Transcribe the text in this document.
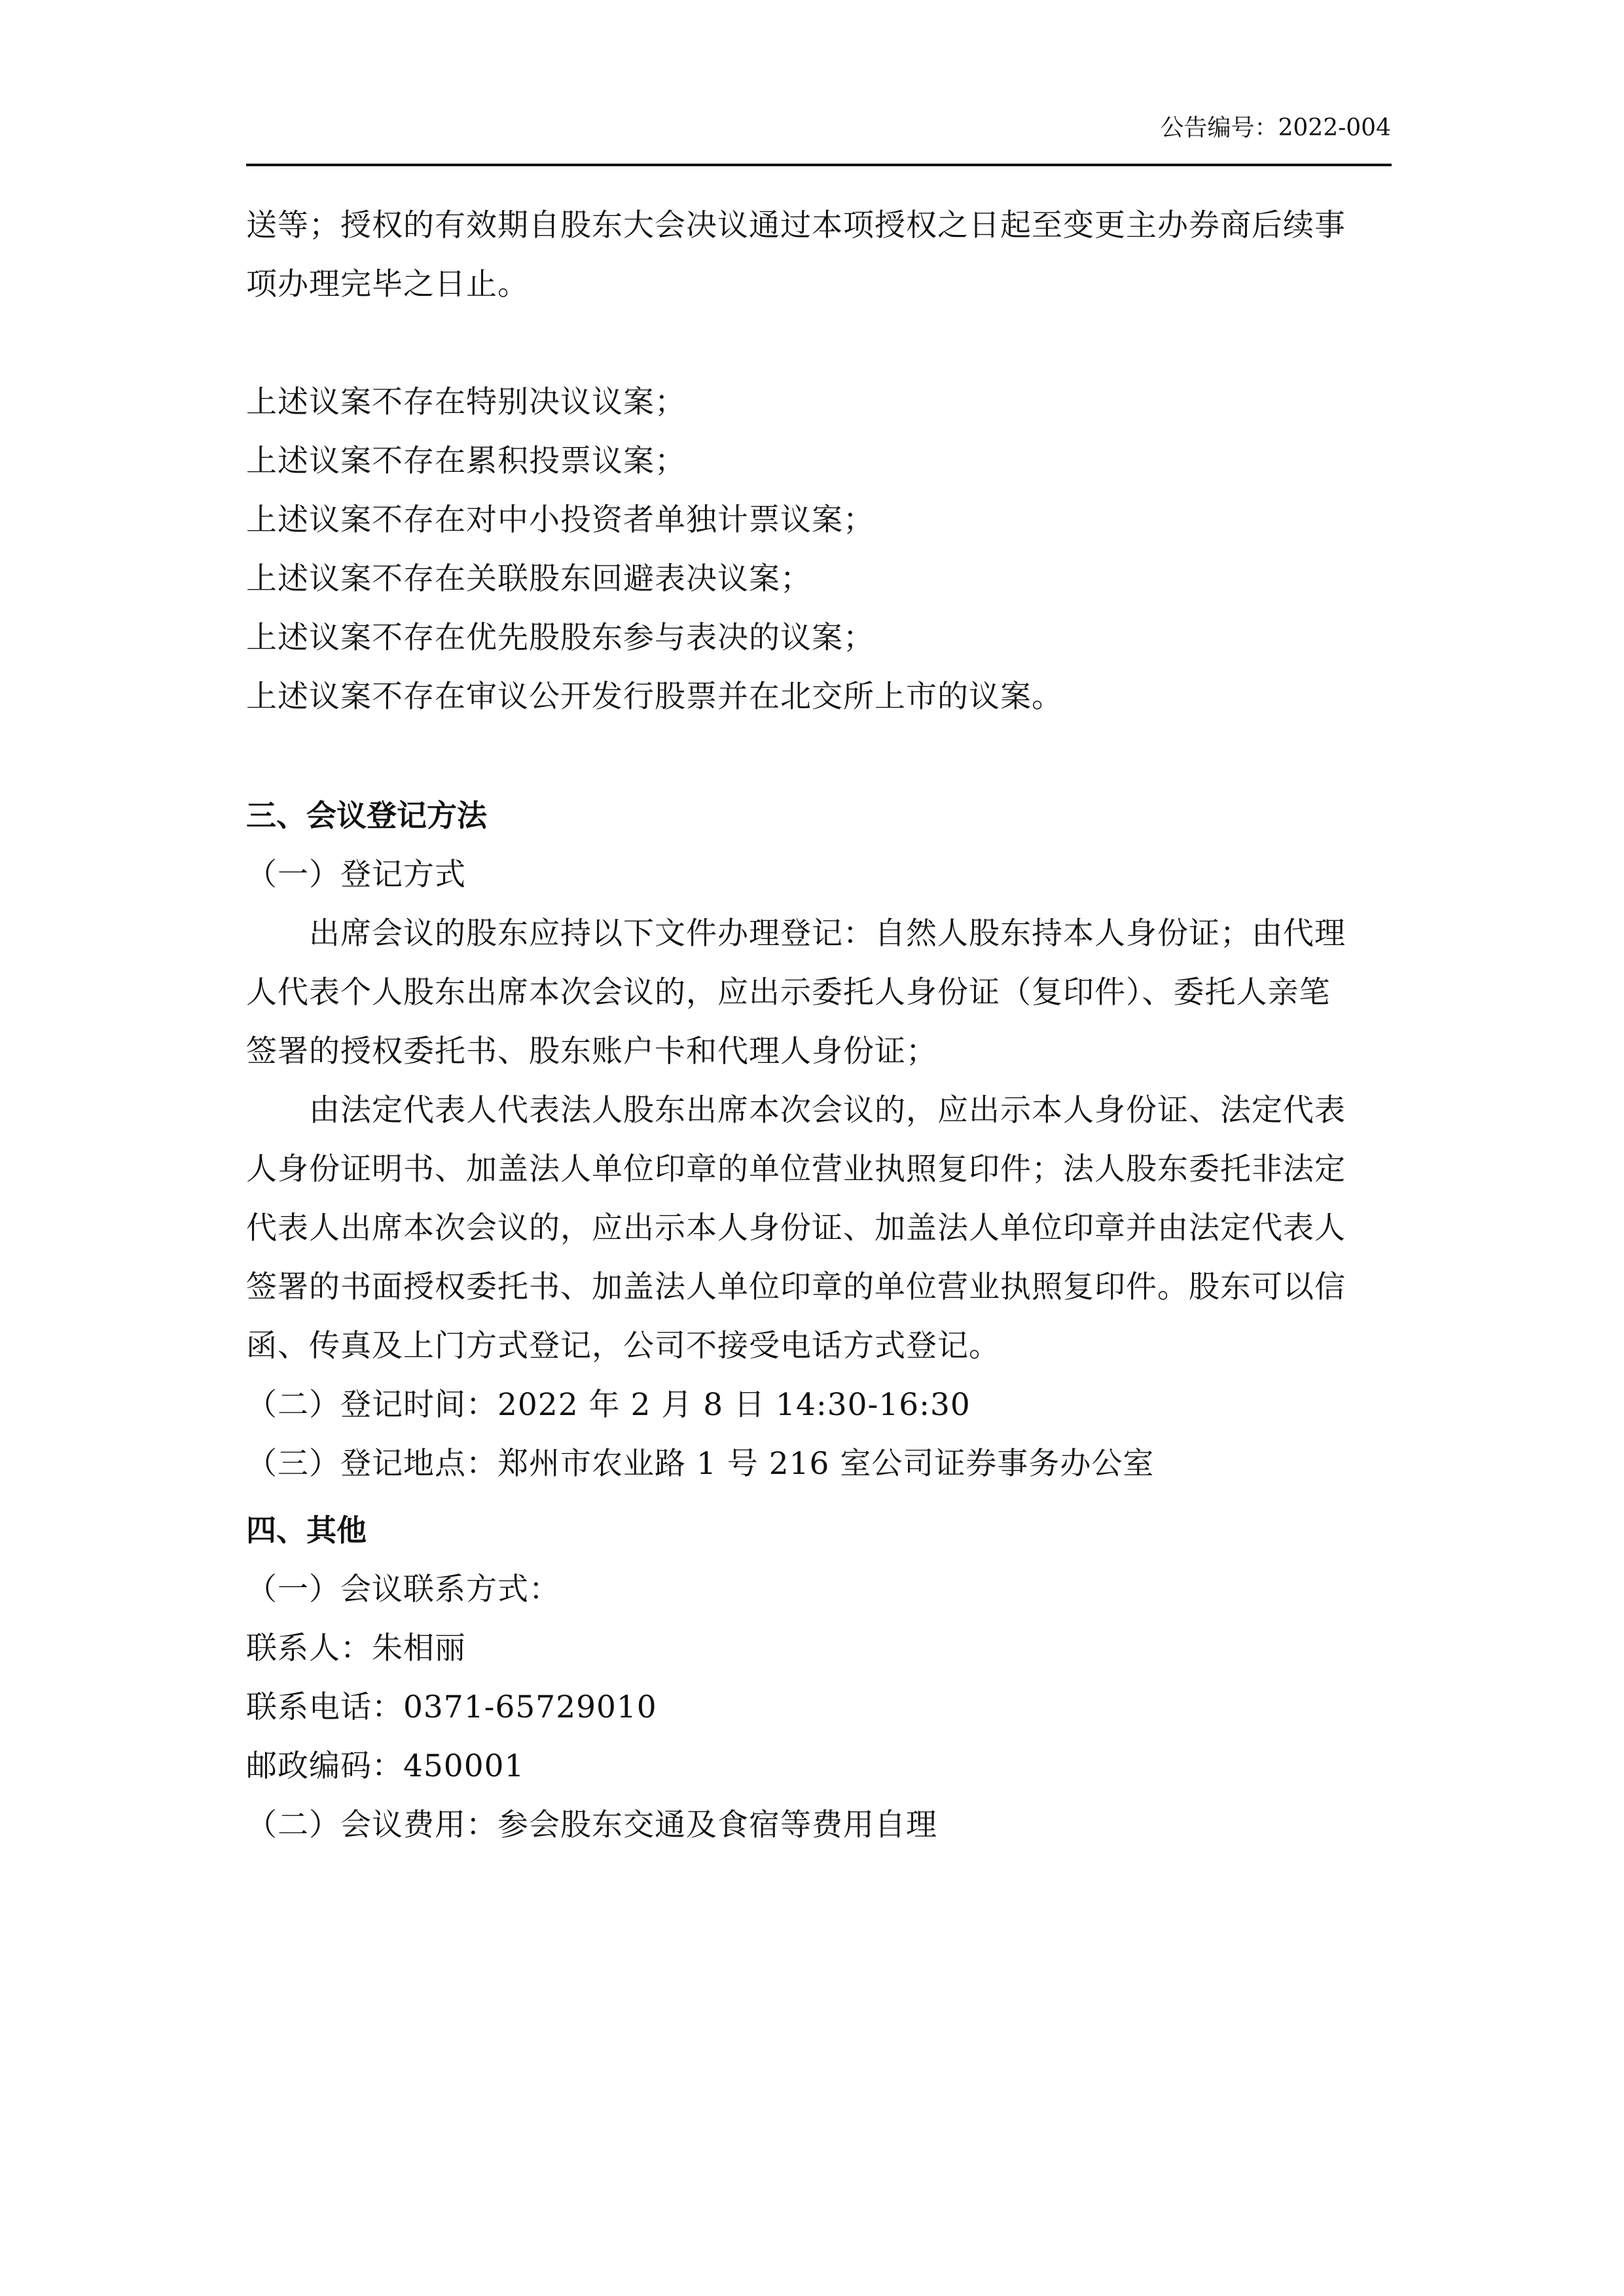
公告编号：2022-004
送等；授权的有效期自股东大会决议通过本项授权之日起至变更主办券商后续事
项办理完毕之日止。
上述议案不存在特别决议议案；
上述议案不存在累积投票议案；
上述议案不存在对中小投资者单独计票议案；
上述议案不存在关联股东回避表决议案；
上述议案不存在优先股股东参与表决的议案；
上述议案不存在审议公开发行股票并在北交所上市的议案。
三、会议登记方法
（一）登记方式
出席会议的股东应持以下文件办理登记：自然人股东持本人身份证；由代理
人代表个人股东出席本次会议的，应出示委托人身份证（复印件）、委托人亲笔
签署的授权委托书、股东账户卡和代理人身份证；
由法定代表人代表法人股东出席本次会议的，应出示本人身份证、法定代表
人身份证明书、加盖法人单位印章的单位营业执照复印件；法人股东委托非法定
代表人出席本次会议的，应出示本人身份证、加盖法人单位印章并由法定代表人
签署的书面授权委托书、加盖法人单位印章的单位营业执照复印件。股东可以信
函、传真及上门方式登记，公司不接受电话方式登记。
（二）登记时间：2022 年 2 月 8 日 14:30-16:30
（三）登记地点：郑州市农业路 1 号 216 室公司证券事务办公室
四、其他
（一）会议联系方式：
联系人：朱相丽
联系电话：0371-65729010
邮政编码：450001
（二）会议费用：参会股东交通及食宿等费用自理
